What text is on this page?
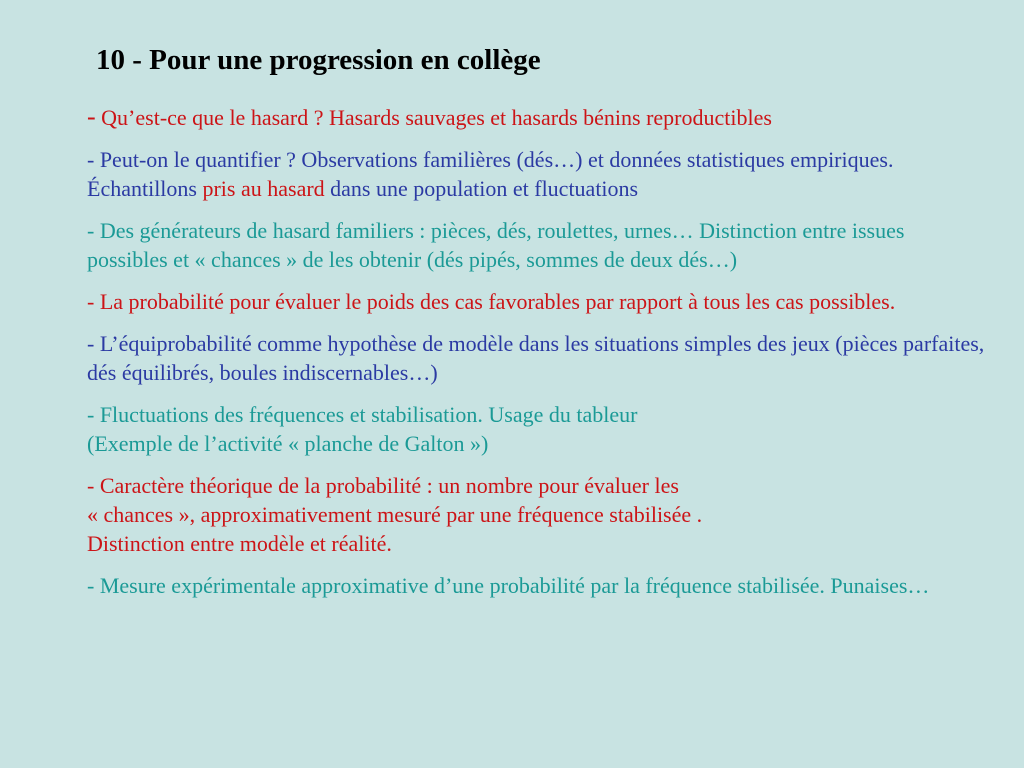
10 - Pour une progression en collège
- Qu’est-ce que le hasard ? Hasards sauvages et hasards bénins reproductibles
- Peut-on le quantifier ? Observations familières (dés…) et données statistiques empiriques. Échantillons pris au hasard dans une population et fluctuations
- Des générateurs de hasard familiers : pièces, dés, roulettes, urnes… Distinction entre issues possibles et « chances » de les obtenir (dés pipés, sommes de deux dés…)
- La probabilité pour évaluer le poids des cas favorables par rapport à tous les cas possibles.
- L’équiprobabilité comme hypothèse de modèle dans les situations simples des jeux (pièces parfaites, dés équilibrés, boules indiscernables…)
- Fluctuations des fréquences et stabilisation. Usage du tableur
(Exemple de l’activité « planche de Galton »)
- Caractère théorique de la probabilité : un nombre pour évaluer les
« chances », approximativement mesuré par une fréquence stabilisée .
Distinction entre modèle et réalité.
- Mesure expérimentale approximative d’une probabilité par la fréquence stabilisée. Punaises…
